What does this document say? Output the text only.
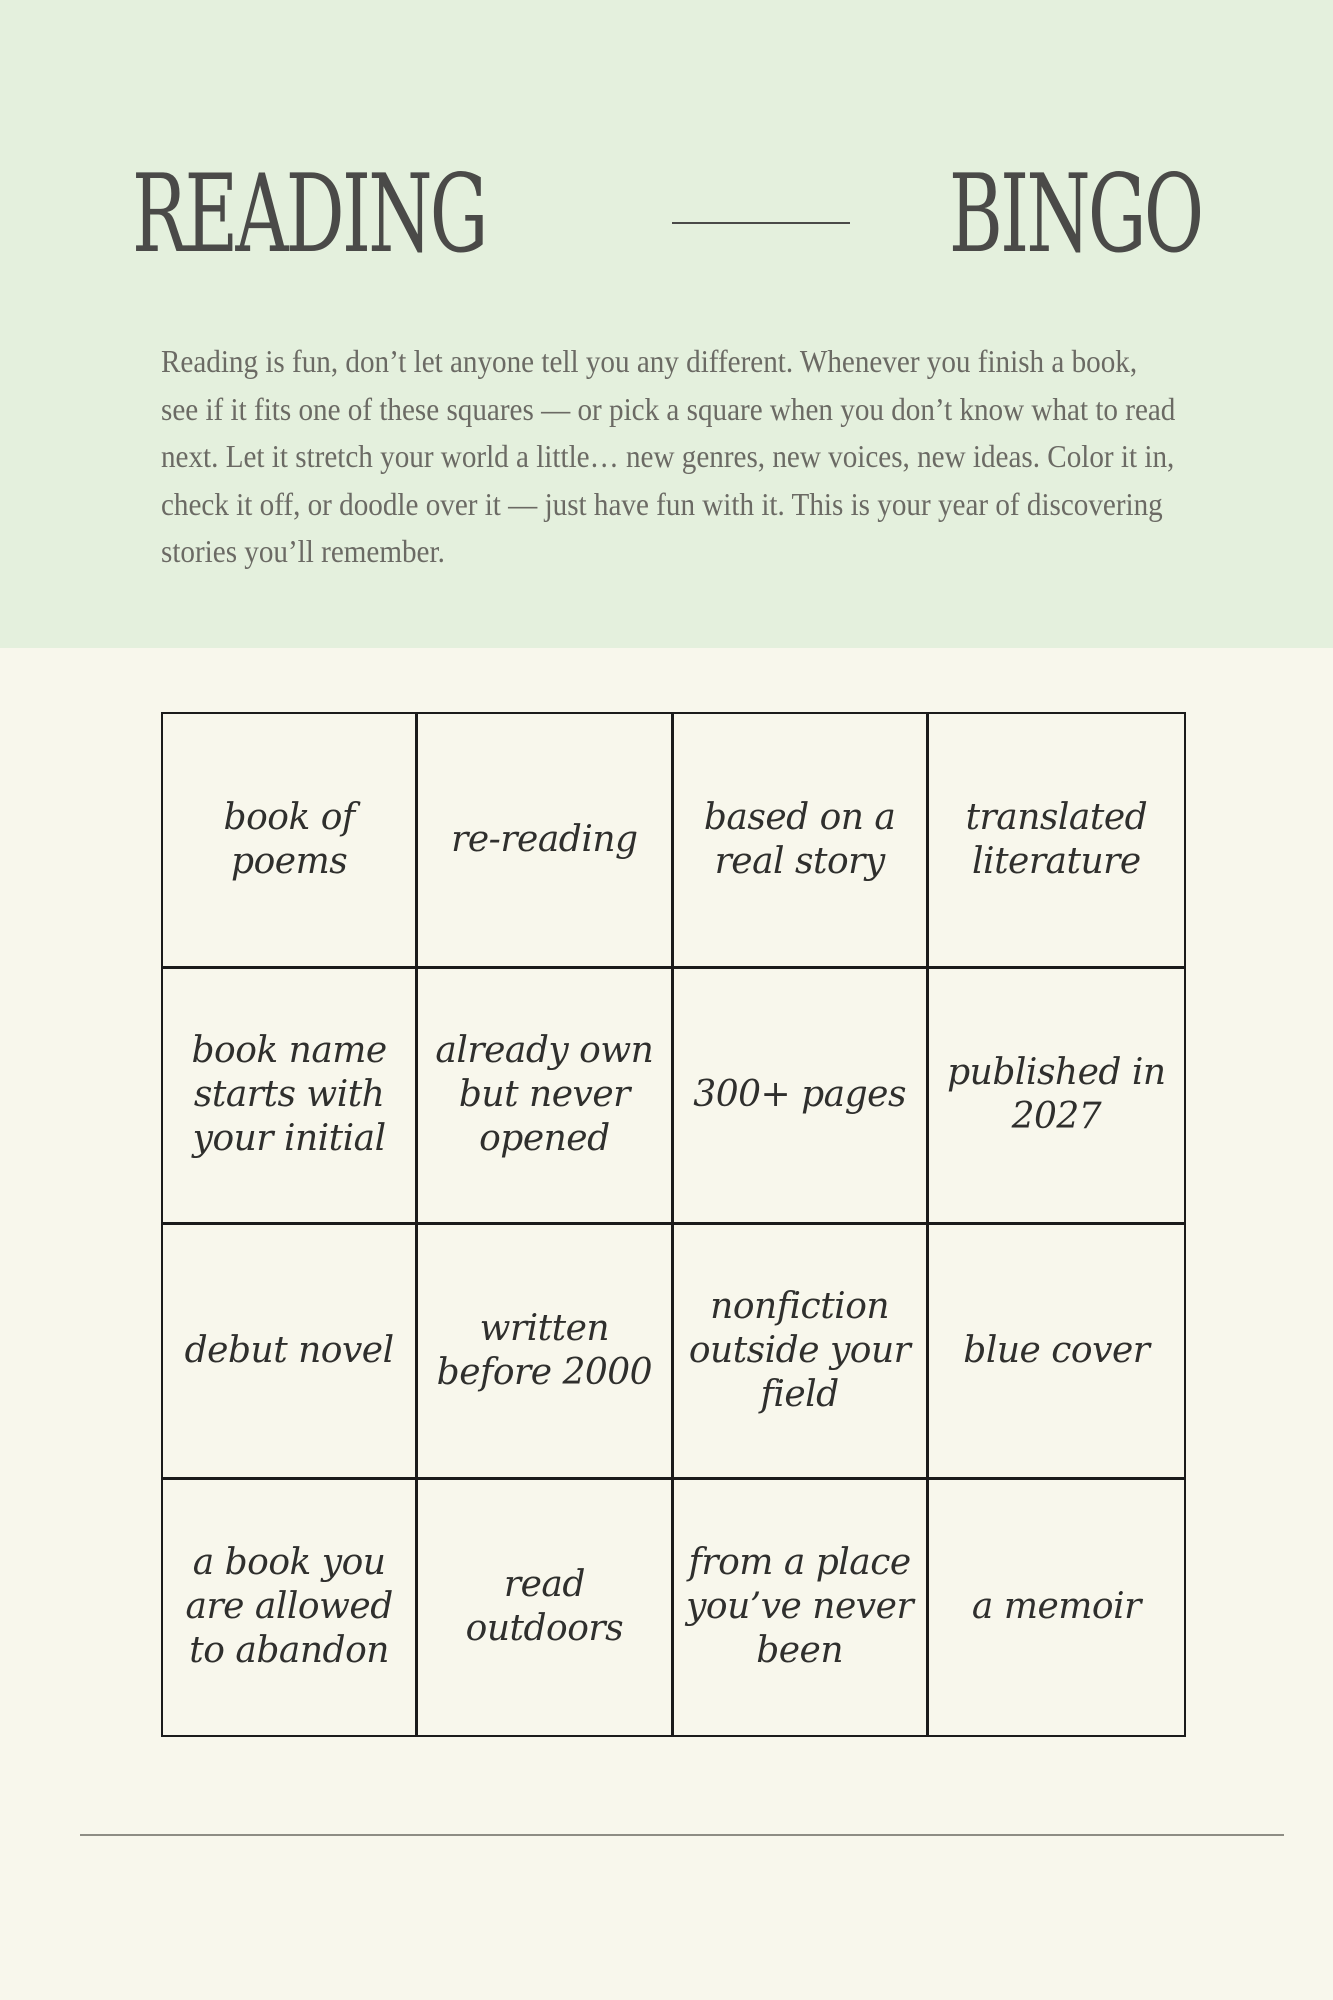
READING	BINGO

Reading is fun, don’t let anyone tell you any different. Whenever you finish a book, see if it fits one of these squares — or pick a square when you don’t know what to read next. Let it stretch your world a little… new genres, new voices, new ideas. Color it in, check it off, or doodle over it — just have fun with it. This is your year of discovering stories you’ll remember.

book of poems
re-reading
based on a real story
translated literature
book name starts with your initial
already own but never opened
300+ pages
published in 2027
debut novel
written before 2000
nonfiction outside your field
blue cover
a book you are allowed to abandon
read outdoors
from a place you’ve never been
a memoir
